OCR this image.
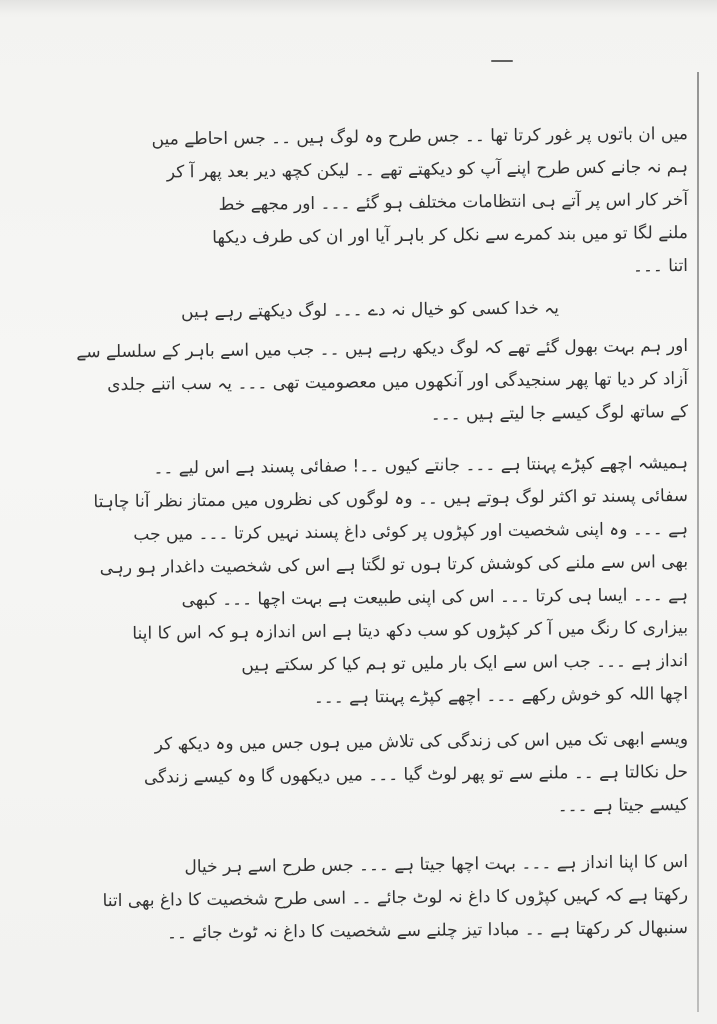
میں ان باتوں پر غور کرتا تھا ۔۔ جس طرح وہ لوگ ہیں ۔۔ جس احاطے میں
ہم نہ جانے کس طرح اپنے آپ کو دیکھتے تھے ۔۔ لیکن کچھ دیر بعد پھر آ کر
آخر کار اس پر آتے ہی انتظامات مختلف ہو گئے ۔۔۔ اور مجھے خط
ملنے لگا تو میں بند کمرے سے نکل کر باہر آیا اور ان کی طرف دیکھا
اتنا ۔۔۔

یہ خدا کسی کو خیال نہ دے ۔۔۔ لوگ دیکھتے رہے ہیں

اور ہم بہت بھول گئے تھے کہ لوگ دیکھ رہے ہیں ۔۔ جب میں اسے باہر کے سلسلے سے
آزاد کر دیا تھا پھر سنجیدگی اور آنکھوں میں معصومیت تھی ۔۔۔ یہ سب اتنے جلدی
کے ساتھ لوگ کیسے جا لیتے ہیں ۔۔۔

ہمیشہ اچھے کپڑے پہنتا ہے ۔۔۔ جانتے کیوں ۔۔! صفائی پسند ہے اس لیے ۔۔
سفائی پسند تو اکثر لوگ ہوتے ہیں ۔۔ وہ لوگوں کی نظروں میں ممتاز نظر آنا چاہتا
ہے ۔۔۔ وہ اپنی شخصیت اور کپڑوں پر کوئی داغ پسند نہیں کرتا ۔۔۔ میں جب
بھی اس سے ملنے کی کوشش کرتا ہوں تو لگتا ہے اس کی شخصیت داغدار ہو رہی
ہے ۔۔۔ ایسا ہی کرتا ۔۔۔ اس کی اپنی طبیعت ہے بہت اچھا ۔۔۔ کبھی
بیزاری کا رنگ میں آ کر کپڑوں کو سب دکھ دیتا ہے اس اندازہ ہو کہ اس کا اپنا
انداز ہے ۔۔۔ جب اس سے ایک بار ملیں تو ہم کیا کر سکتے ہیں
اچھا اللہ کو خوش رکھے ۔۔۔ اچھے کپڑے پہنتا ہے ۔۔۔

ویسے ابھی تک میں اس کی زندگی کی تلاش میں ہوں جس میں وہ دیکھ کر
حل نکالتا ہے ۔۔ ملنے سے تو پھر لوٹ گیا ۔۔۔ میں دیکھوں گا وہ کیسے زندگی
کیسے جیتا ہے ۔۔۔

اس کا اپنا انداز ہے ۔۔۔ بہت اچھا جیتا ہے ۔۔۔ جس طرح اسے ہر خیال
رکھتا ہے کہ کہیں کپڑوں کا داغ نہ لوٹ جائے ۔۔ اسی طرح شخصیت کا داغ بھی اتنا
سنبھال کر رکھتا ہے ۔۔ مبادا تیز چلنے سے شخصیت کا داغ نہ ٹوٹ جائے ۔۔
